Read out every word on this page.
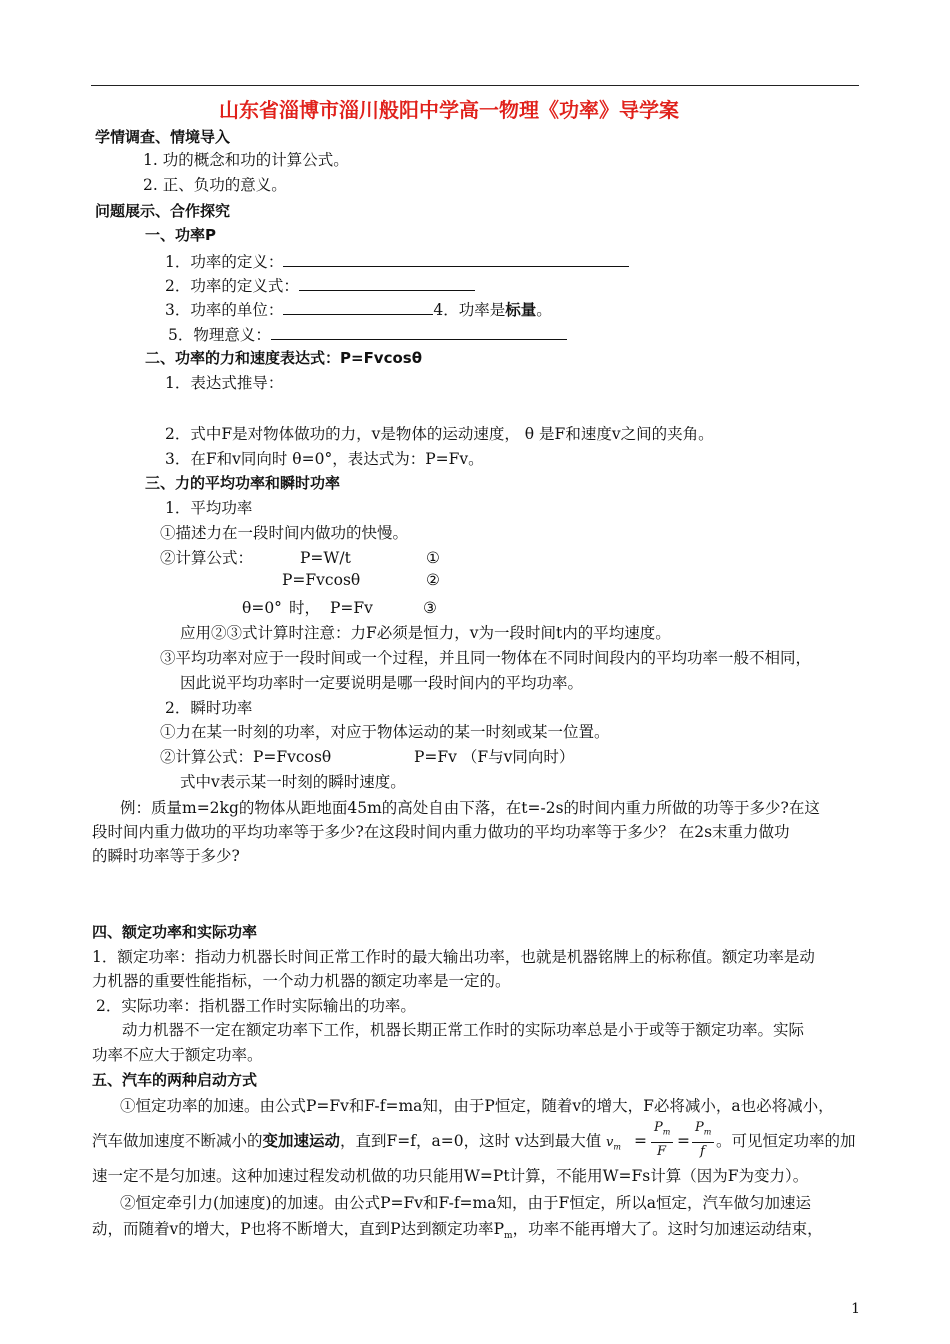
山东省淄博市淄川般阳中学高一物理《功率》导学案
学情调查、情境导入
1. 功的概念和功的计算公式。
2. 正、负功的意义。
问题展示、合作探究
一、功率P
1．功率的定义：
2．功率的定义式：
3．功率的单位：	4．功率是标量。
5．物理意义：
二、功率的力和速度表达式：P=Fvcosθ
1．表达式推导：
2．式中F是对物体做功的力，v是物体的运动速度， θ 是F和速度v之间的夹角。
3．在F和v同向时 θ=0°，表达式为：P=Fv。
三、力的平均功率和瞬时功率
1．平均功率
①描述力在一段时间内做功的快慢。
②计算公式：	P=W/t	①
P=Fvcosθ	②
θ=0° 时， P=Fv	③
应用②③式计算时注意：力F必须是恒力，v为一段时间t内的平均速度。
③平均功率对应于一段时间或一个过程，并且同一物体在不同时间段内的平均功率一般不相同，
因此说平均功率时一定要说明是哪一段时间内的平均功率。
2．瞬时功率
①力在某一时刻的功率，对应于物体运动的某一时刻或某一位置。
②计算公式：P=Fvcosθ	P=Fv （F与v同向时）
式中v表示某一时刻的瞬时速度。
例：质量m=2kg的物体从距地面45m的高处自由下落，在t=-2s的时间内重力所做的功等于多少?在这
段时间内重力做功的平均功率等于多少?在这段时间内重力做功的平均功率等于多少？ 在2s末重力做功
的瞬时功率等于多少?
四、额定功率和实际功率
1．额定功率：指动力机器长时间正常工作时的最大输出功率，也就是机器铭牌上的标称值。额定功率是动
力机器的重要性能指标，一个动力机器的额定功率是一定的。
2．实际功率：指机器工作时实际输出的功率。
动力机器不一定在额定功率下工作，机器长期正常工作时的实际功率总是小于或等于额定功率。实际
功率不应大于额定功率。
五、汽车的两种启动方式
①恒定功率的加速。由公式P=Fv和F-f=ma知，由于P恒定，随着v的增大，F必将减小，a也必将减小，
汽车做加速度不断减小的变加速运动，直到F=f，a=0，这时 v达到最大值 $v_m$ =
$P_m$
F
=
$P_m$
f
。可见恒定功率的加
速一定不是匀加速。这种加速过程发动机做的功只能用W=Pt计算，不能用W=Fs计算（因为F为变力）。
②恒定牵引力(加速度)的加速。由公式P=Fv和F-f=ma知，由于F恒定，所以a恒定，汽车做匀加速运
动，而随着v的增大，P也将不断增大，直到P达到额定功率$P_m$，功率不能再增大了。这时匀加速运动结束，
1
